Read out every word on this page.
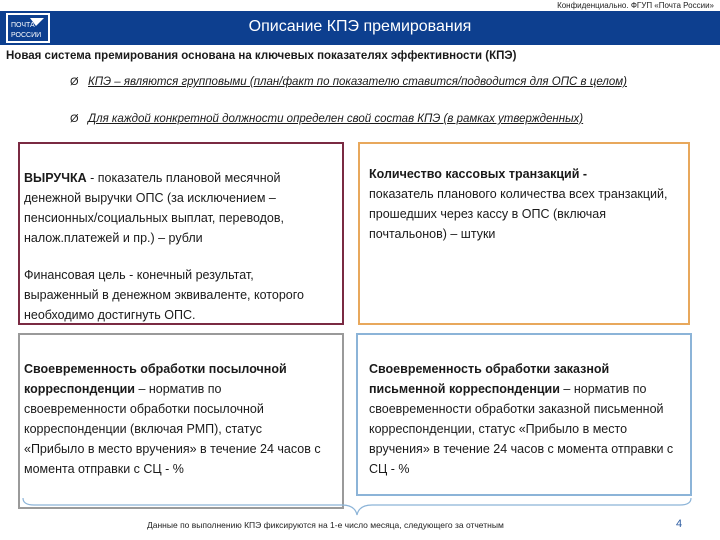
Конфиденциально. ФГУП «Почта России»
ПОЧТА
РОССИИ
Описание КПЭ премирования
Новая система премирования основана на ключевых показателях эффективности (КПЭ)
Ø КПЭ – являются групповыми (план/факт по показателю ставится/подводится для ОПС в целом)
Ø Для каждой конкретной должности определен свой состав КПЭ (в рамках утвержденных)
ВЫРУЧКА - показатель плановой месячной денежной выручки ОПС (за исключением – пенсионных/социальных выплат, переводов, налож.платежей и пр.) – рубли
Финансовая цель - конечный результат, выраженный в денежном эквиваленте, которого необходимо достигнуть ОПС.
Количество кассовых транзакций -
показатель планового количества всех транзакций, прошедших через кассу в ОПС (включая почтальонов) – штуки
Своевременность обработки посылочной корреспонденции – норматив по своевременности обработки посылочной корреспонденции (включая РМП), статус «Прибыло в место вручения» в течение 24 часов с момента отправки с СЦ - %
Своевременность обработки заказной письменной корреспонденции – норматив по своевременности обработки заказной письменной корреспонденции, статус «Прибыло в место вручения» в течение 24 часов с момента отправки с СЦ - %
Данные по выполнению КПЭ фиксируются на 1-е число месяца, следующего за отчетным	4
